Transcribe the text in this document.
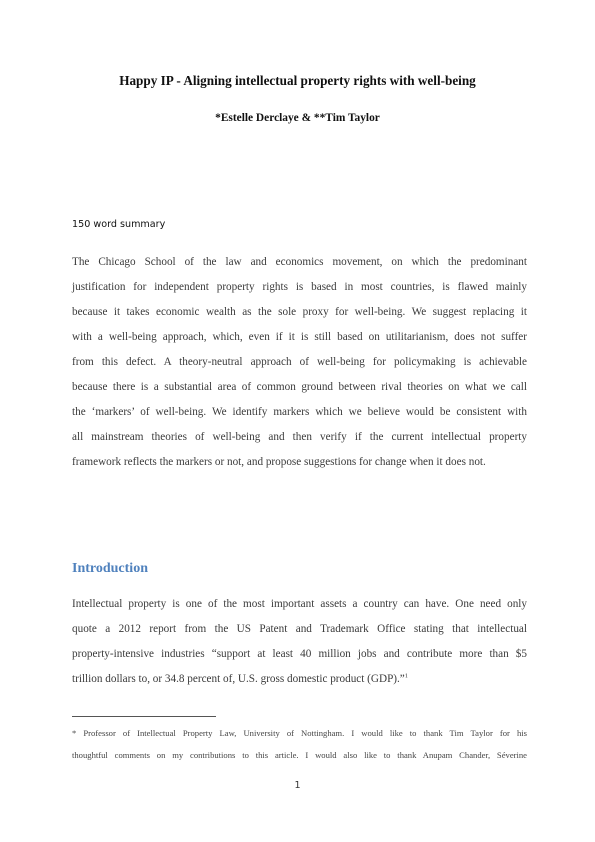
Happy IP - Aligning intellectual property rights with well-being
*Estelle Derclaye & **Tim Taylor
150 word summary
The Chicago School of the law and economics movement, on which the predominant
justification for independent property rights is based in most countries, is flawed mainly
because it takes economic wealth as the sole proxy for well-being. We suggest replacing it
with a well-being approach, which, even if it is still based on utilitarianism, does not suffer
from this defect. A theory-neutral approach of well-being for policymaking is achievable
because there is a substantial area of common ground between rival theories on what we call
the ‘markers’ of well-being. We identify markers which we believe would be consistent with
all mainstream theories of well-being and then verify if the current intellectual property
framework reflects the markers or not, and propose suggestions for change when it does not.
Introduction
Intellectual property is one of the most important assets a country can have. One need only
quote a 2012 report from the US Patent and Trademark Office stating that intellectual
property-intensive industries “support at least 40 million jobs and contribute more than $5
trillion dollars to, or 34.8 percent of, U.S. gross domestic product (GDP).”$^1$
* Professor of Intellectual Property Law, University of Nottingham. I would like to thank Tim Taylor for his
thoughtful comments on my contributions to this article. I would also like to thank Anupam Chander, Séverine
1
